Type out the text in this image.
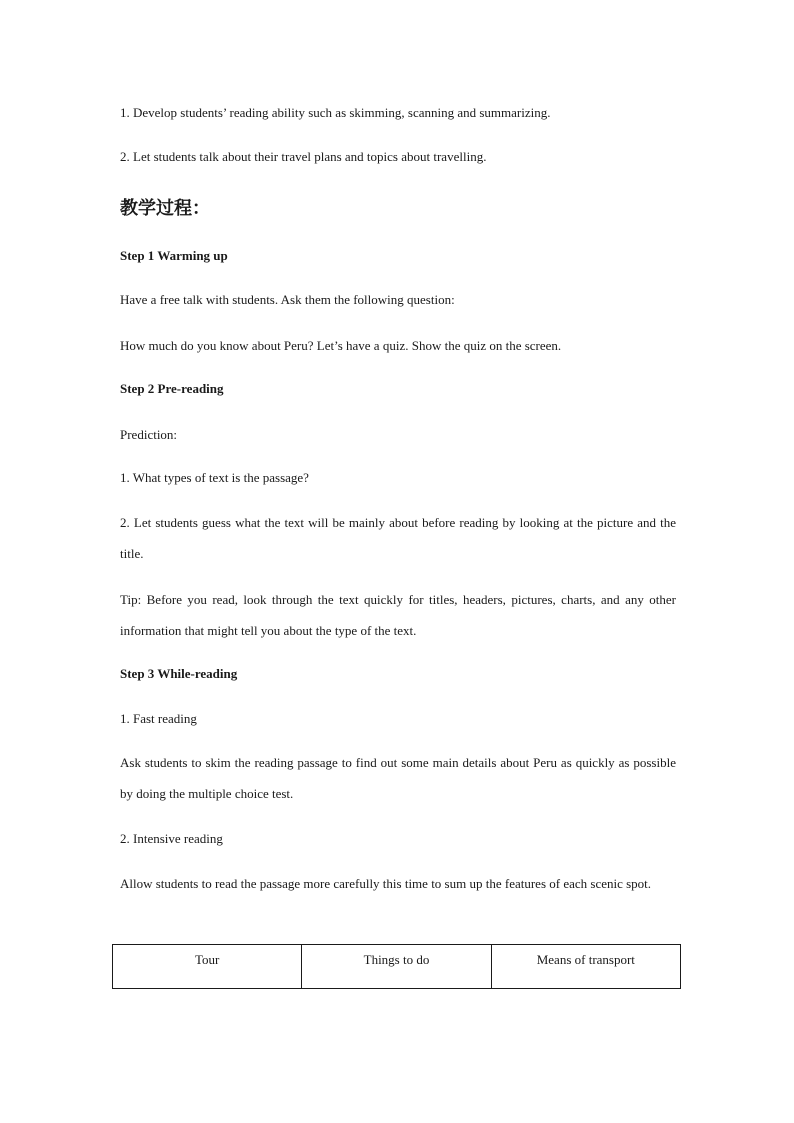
1. Develop students’ reading ability such as skimming, scanning and summarizing.
2. Let students talk about their travel plans and topics about travelling.
教学过程：
Step 1 Warming up
Have a free talk with students. Ask them the following question:
How much do you know about Peru? Let’s have a quiz. Show the quiz on the screen.
Step 2 Pre-reading
Prediction:
1. What types of text is the passage?
2. Let students guess what the text will be mainly about before reading by looking at the picture and the title.
Tip: Before you read, look through the text quickly for titles, headers, pictures, charts, and any other information that might tell you about the type of the text.
Step 3 While-reading
1. Fast reading
Ask students to skim the reading passage to find out some main details about Peru as quickly as possible by doing the multiple choice test.
2. Intensive reading
Allow students to read the passage more carefully this time to sum up the features of each scenic spot.
Tour	Things to do	Means of transport
